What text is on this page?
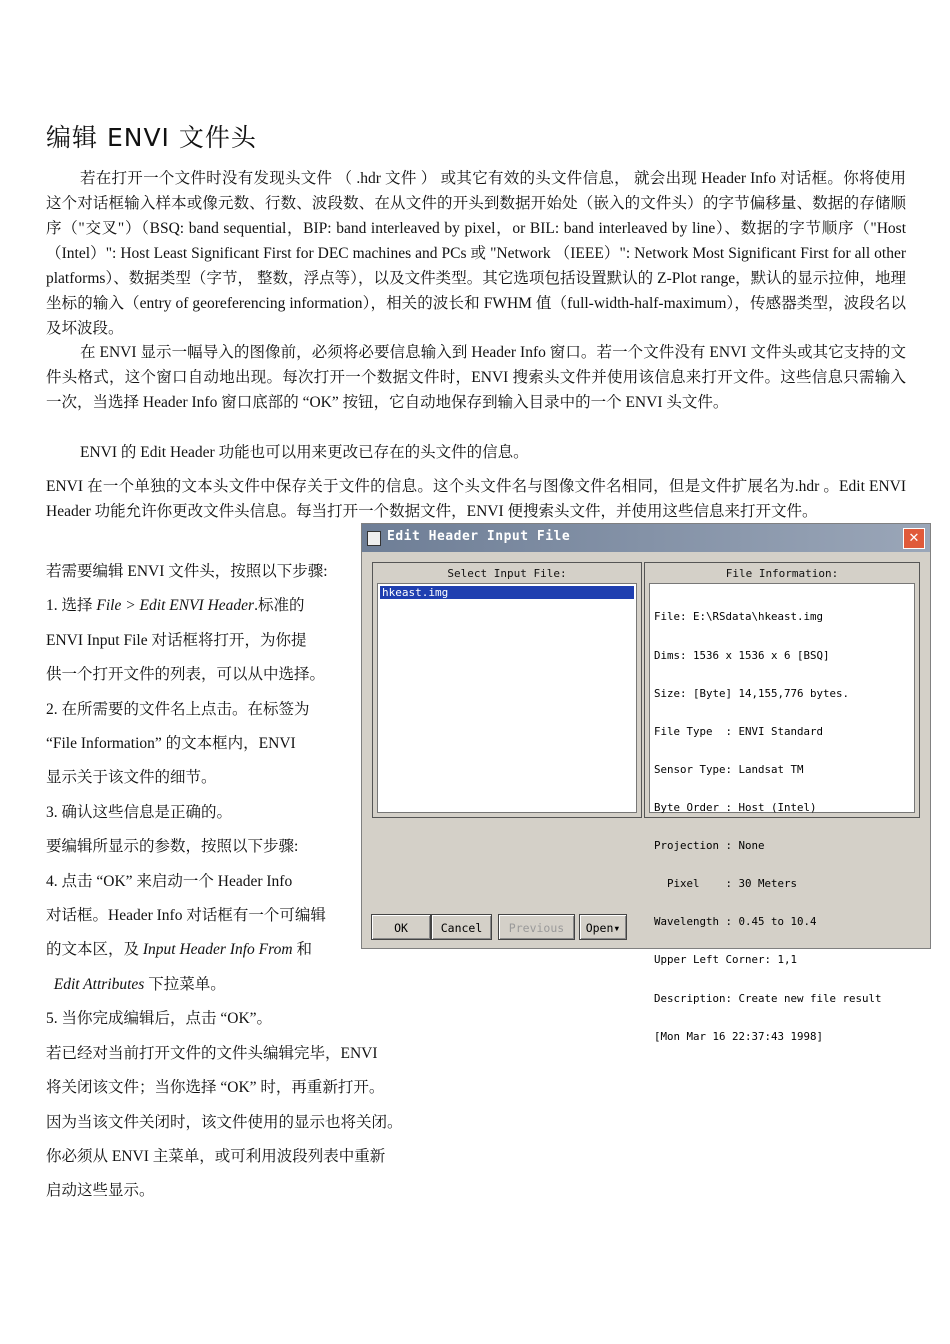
编辑 ENVI 文件头

若在打开一个文件时没有发现头文件 （ .hdr 文件 ） 或其它有效的头文件信息， 就会出现 Header Info 对话框。你将使用这个对话框输入样本或像元数、行数、波段数、在从文件的开头到数据开始处（嵌入的文件头）的字节偏移量、数据的存储顺序（"交叉"）（BSQ: band sequential，BIP: band interleaved by pixel，or BIL: band interleaved by line）、数据的字节顺序（"Host （Intel）": Host Least Significant First for DEC machines and PCs 或 "Network （IEEE）": Network Most Significant First for all other platforms）、数据类型（字节， 整数，浮点等），以及文件类型。其它选项包括设置默认的 Z-Plot range，默认的显示拉伸，地理坐标的输入（entry of georeferencing information），相关的波长和 FWHM 值（full-width-half-maximum），传感器类型，波段名以及坏波段。

在 ENVI 显示一幅导入的图像前，必须将必要信息输入到 Header Info 窗口。若一个文件没有 ENVI 文件头或其它支持的文件头格式，这个窗口自动地出现。每次打开一个数据文件时，ENVI 搜索头文件并使用该信息来打开文件。这些信息只需输入一次，当选择 Header Info 窗口底部的 “OK” 按钮，它自动地保存到输入目录中的一个 ENVI 头文件。

ENVI 的 Edit Header 功能也可以用来更改已存在的头文件的信息。

ENVI 在一个单独的文本头文件中保存关于文件的信息。这个头文件名与图像文件名相同，但是文件扩展名为.hdr 。Edit ENVI Header 功能允许你更改文件头信息。每当打开一个数据文件，ENVI 便搜索头文件，并使用这些信息来打开文件。

若需要编辑 ENVI 文件头，按照以下步骤:
1. 选择 File > Edit ENVI Header.标准的
ENVI Input File 对话框将打开，为你提
供一个打开文件的列表，可以从中选择。
2. 在所需要的文件名上点击。在标签为
“File Information” 的文本框内，ENVI
显示关于该文件的细节。
3. 确认这些信息是正确的。
要编辑所显示的参数，按照以下步骤:
4. 点击 “OK” 来启动一个 Header Info
对话框。Header Info 对话框有一个可编辑
的文本区，及 Input Header Info From 和
Edit Attributes 下拉菜单。
5. 当你完成编辑后，点击 “OK”。
若已经对当前打开文件的文件头编辑完毕，ENVI
将关闭该文件；当你选择 “OK” 时，再重新打开。
因为当该文件关闭时，该文件使用的显示也将关闭。
你必须从 ENVI 主菜单，或可利用波段列表中重新
启动这些显示。
Edit Header Input File	✕
Select Input File:
hkeast.img
File Information:

File: E:\RSdata\hkeast.img

Dims: 1536 x 1536 x 6 [BSQ]

Size: [Byte] 14,155,776 bytes.

File Type  : ENVI Standard

Sensor Type: Landsat TM

Byte Order : Host (Intel)

Projection : None

Pixel    : 30 Meters

Wavelength : 0.45 to 10.4

Upper Left Corner: 1,1

Description: Create new file result

[Mon Mar 16 22:37:43 1998]

OK	Cancel	Previous	Open▾
